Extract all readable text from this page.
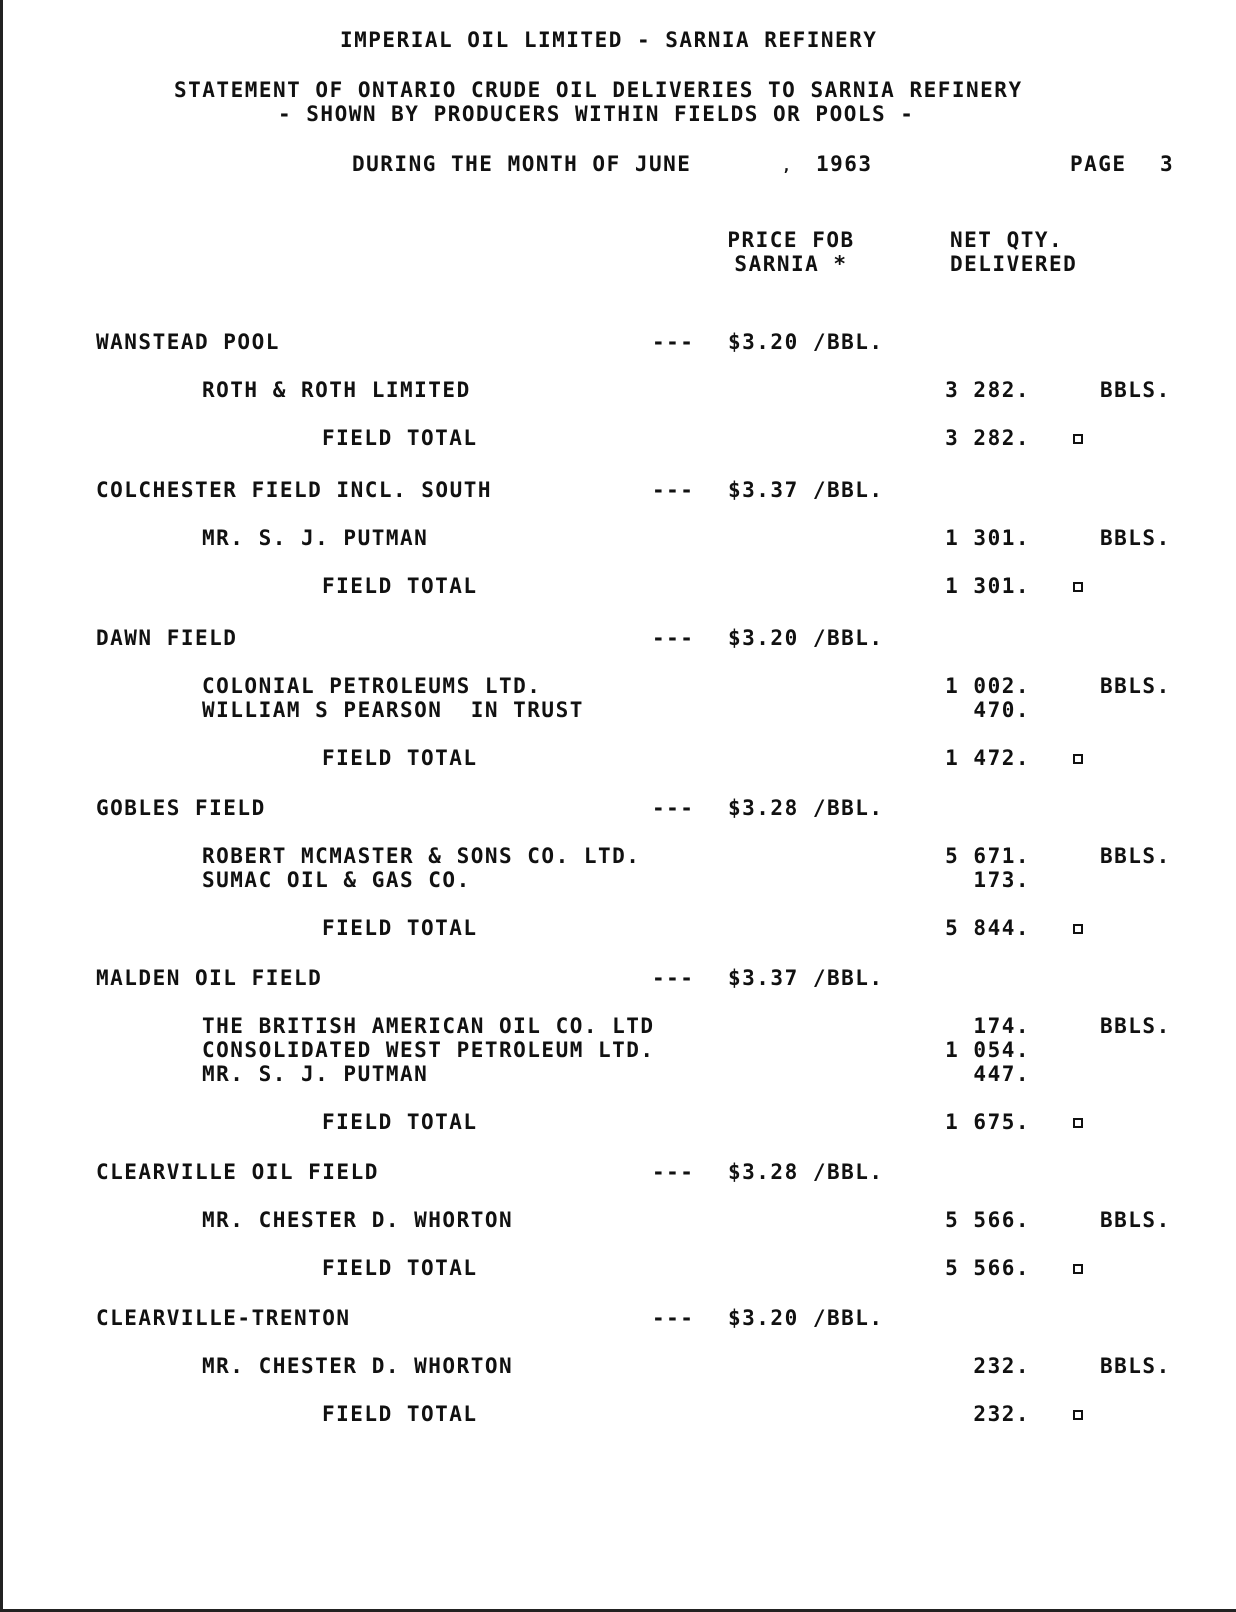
IMPERIAL OIL LIMITED - SARNIA REFINERY
STATEMENT OF ONTARIO CRUDE OIL DELIVERIES TO SARNIA REFINERY
- SHOWN BY PRODUCERS WITHIN FIELDS OR POOLS -
DURING THE MONTH OF JUNE	, 1963	PAGE 3
PRICE FOB
SARNIA *
NET QTY.
DELIVERED
WANSTEAD POOL	--- $3.20 /BBL.
ROTH & ROTH LIMITED	3 282.	BBLS.
FIELD TOTAL	3 282.
COLCHESTER FIELD INCL. SOUTH	--- $3.37 /BBL.
MR. S. J. PUTMAN	1 301.	BBLS.
FIELD TOTAL	1 301.
DAWN FIELD	--- $3.20 /BBL.
COLONIAL PETROLEUMS LTD.	1 002.	BBLS.
WILLIAM S PEARSON  IN TRUST	470.
FIELD TOTAL	1 472.
GOBLES FIELD	--- $3.28 /BBL.
ROBERT MCMASTER & SONS CO. LTD.	5 671.	BBLS.
SUMAC OIL & GAS CO.	173.
FIELD TOTAL	5 844.
MALDEN OIL FIELD	--- $3.37 /BBL.
THE BRITISH AMERICAN OIL CO. LTD	174.	BBLS.
CONSOLIDATED WEST PETROLEUM LTD.	1 054.
MR. S. J. PUTMAN	447.
FIELD TOTAL	1 675.
CLEARVILLE OIL FIELD	--- $3.28 /BBL.
MR. CHESTER D. WHORTON	5 566.	BBLS.
FIELD TOTAL	5 566.
CLEARVILLE-TRENTON	--- $3.20 /BBL.
MR. CHESTER D. WHORTON	232.	BBLS.
FIELD TOTAL	232.
